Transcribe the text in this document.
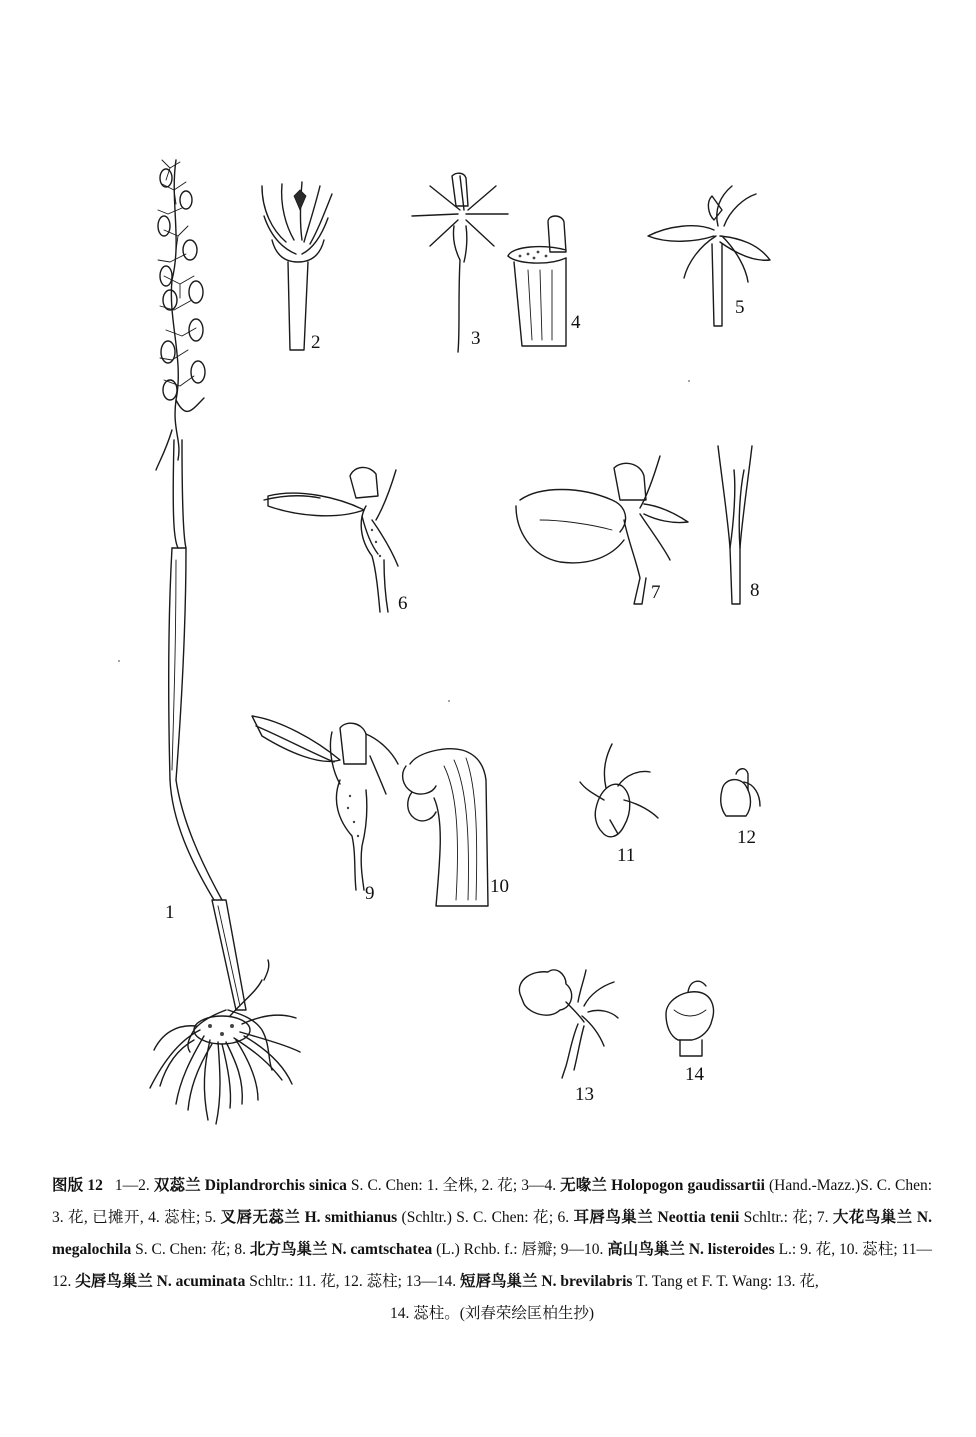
1
2	3
4
5
6
7	8
9	10
11
12
13
14
图版 12 1—2. 双蕊兰 Diplandrorchis sinica S. C. Chen: 1. 全株, 2. 花; 3—4. 无喙兰 Holopogon gaudissartii (Hand.-Mazz.)S. C. Chen: 3. 花, 已摊开, 4. 蕊柱; 5. 叉唇无蕊兰 H. smithianus (Schltr.) S. C. Chen: 花; 6. 耳唇鸟巢兰 Neottia tenii Schltr.: 花; 7. 大花鸟巢兰 N. megalochila S. C. Chen: 花; 8. 北方鸟巢兰 N. camtschatea (L.) Rchb. f.: 唇瓣; 9—10. 高山鸟巢兰 N. listeroides L.: 9. 花, 10. 蕊柱; 11—12. 尖唇鸟巢兰 N. acuminata Schltr.: 11. 花, 12. 蕊柱; 13—14. 短唇鸟巢兰 N. brevilabris T. Tang et F. T. Wang: 13. 花,
14. 蕊柱。(刘春荣绘匡柏生抄)
